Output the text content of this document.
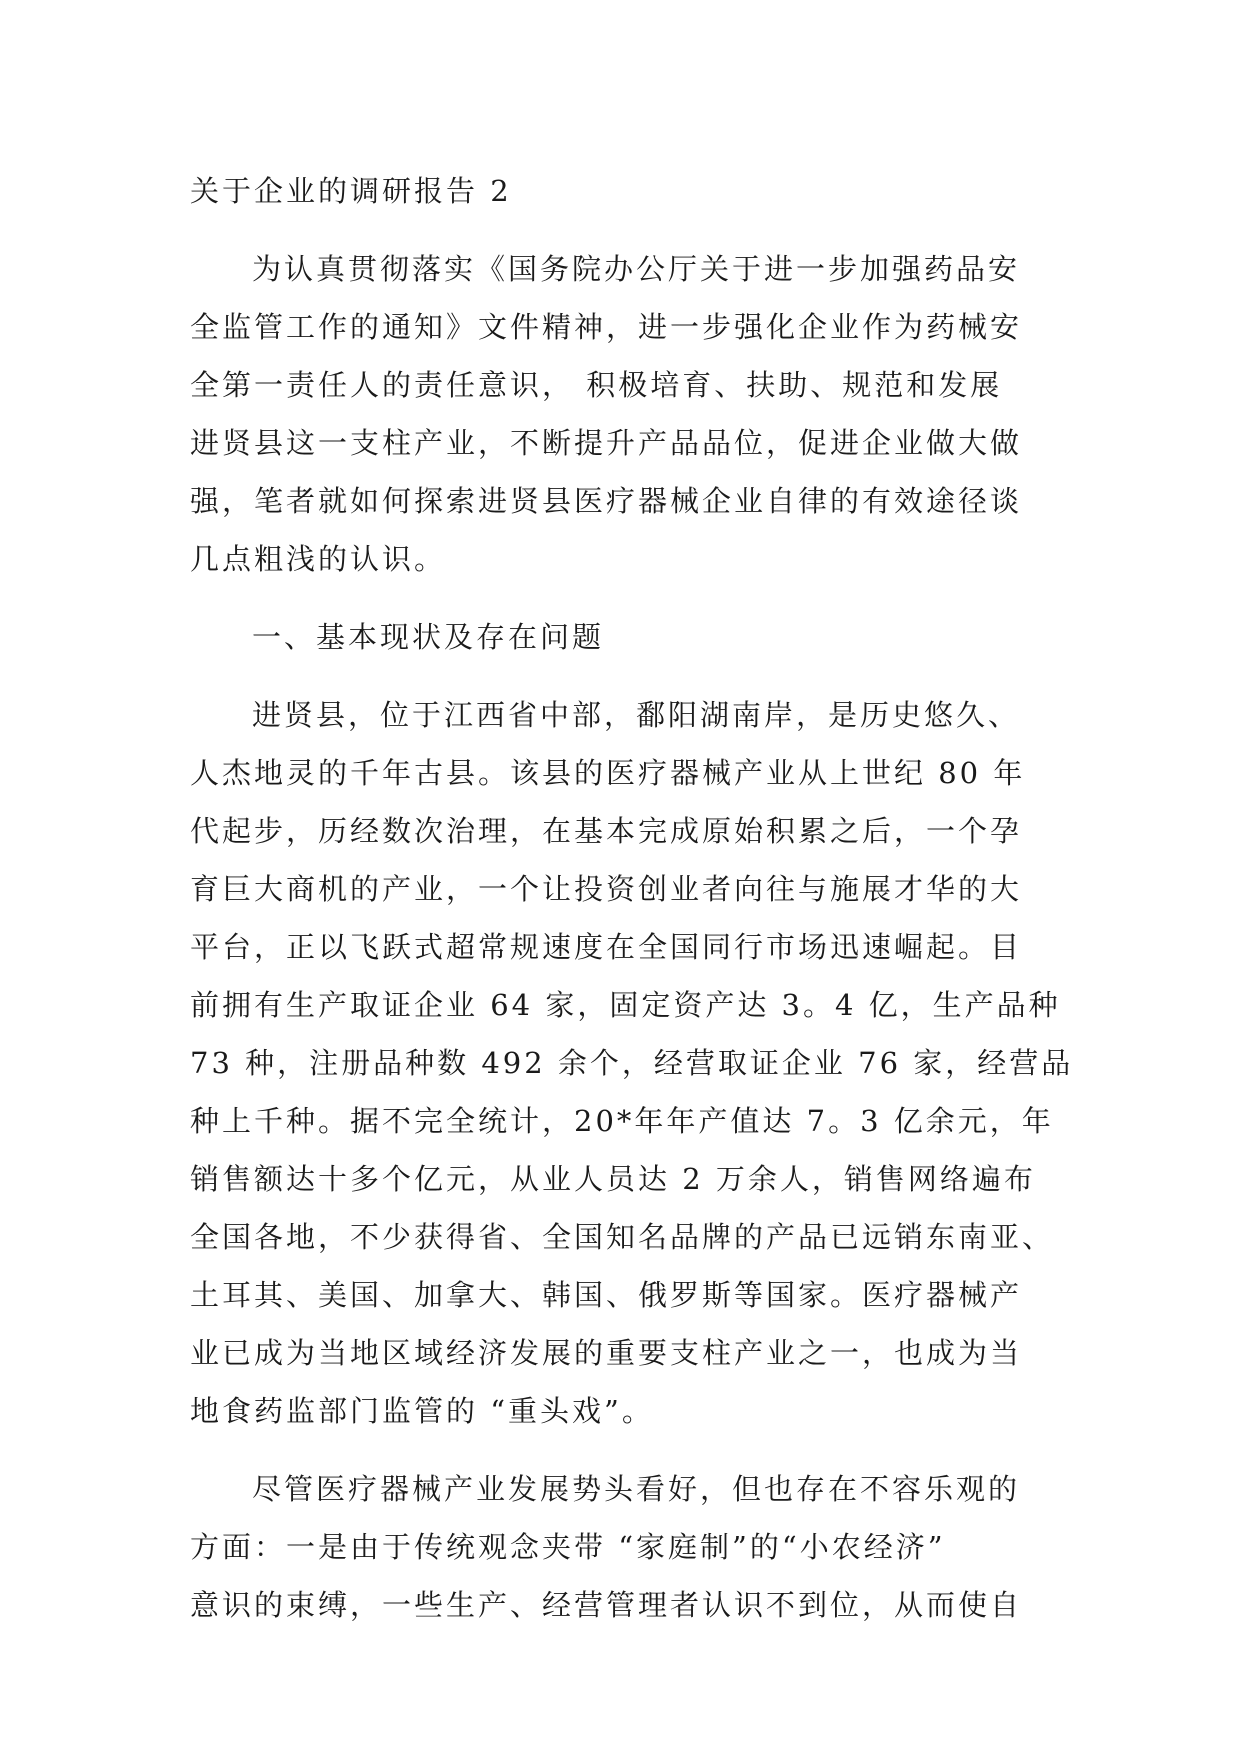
关于企业的调研报告 2
为认真贯彻落实《国务院办公厅关于进一步加强药品安
全监管工作的通知》文件精神，进一步强化企业作为药械安
全第一责任人的责任意识， 积极培育、扶助、规范和发展
进贤县这一支柱产业，不断提升产品品位，促进企业做大做
强，笔者就如何探索进贤县医疗器械企业自律的有效途径谈
几点粗浅的认识。
一、基本现状及存在问题
进贤县，位于江西省中部，鄱阳湖南岸，是历史悠久、
人杰地灵的千年古县。该县的医疗器械产业从上世纪 80 年
代起步，历经数次治理，在基本完成原始积累之后，一个孕
育巨大商机的产业，一个让投资创业者向往与施展才华的大
平台，正以飞跃式超常规速度在全国同行市场迅速崛起。目
前拥有生产取证企业 64 家，固定资产达 3。4 亿，生产品种
73 种，注册品种数 492 余个，经营取证企业 76 家，经营品
种上千种。据不完全统计，20*年年产值达 7。3 亿余元，年
销售额达十多个亿元，从业人员达 2 万余人，销售网络遍布
全国各地，不少获得省、全国知名品牌的产品已远销东南亚、
土耳其、美国、加拿大、韩国、俄罗斯等国家。医疗器械产
业已成为当地区域经济发展的重要支柱产业之一，也成为当
地食药监部门监管的 “重头戏”。
尽管医疗器械产业发展势头看好，但也存在不容乐观的
方面：一是由于传统观念夹带 “家庭制”的“小农经济”
意识的束缚，一些生产、经营管理者认识不到位，从而使自
